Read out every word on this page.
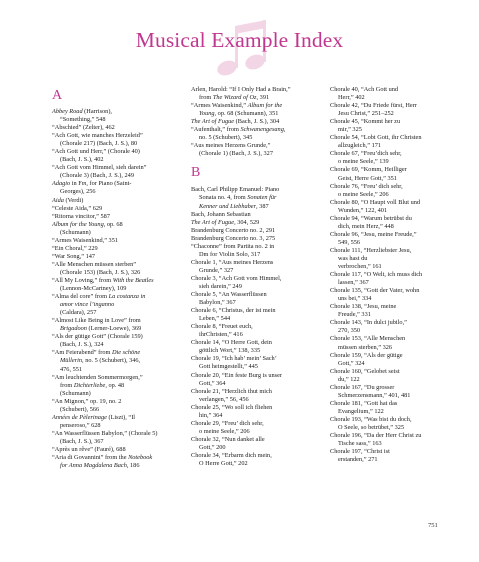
Musical Example Index
A
Abbey Road (Harrison),
“Something,” 548
“Abschied” (Zelter), 462
“Ach Gott, wie manches Herzeleid”
(Chorale 217) (Bach, J. S.), 80
“Ach Gott und Herr,” (Chorale 40)
(Bach, J. S.), 402
“Ach Gott vom Himmel, sieh darein”
(Chorale 3) (Bach, J. S.), 249
Adagio in Fm, for Piano (Saint-
Georges), 256
Aida (Verdi)
“Celeste Aida,” 629
“Ritorna vincitor,” 587
Album for the Young, op. 68
(Schumann)
“Armes Waisenkind,” 351
“Ein Choral,” 229
“War Song,” 147
“Alle Menschen müssen sterben”
(Chorale 153) (Bach, J. S.), 326
“All My Loving,” from With the Beatles
(Lennon-McCartney), 109
“Alma del core” from La costanza in
amor vince l’inganno
(Caldara), 257
“Almost Like Being in Love” from
Brigadoon (Lerner-Loewe), 369
“Als der gütige Gott” (Chorale 159)
(Bach, J. S.), 324
“Am Feierabend” from Die schöne
Müllerin, no. 5 (Schubert), 346,
476, 551
“Am leuchtenden Sommermorgen,”
from Dichterliebe, op. 48
(Schumann)
“An Mignon,” op. 19, no. 2
(Schubert), 566
Années de Pèlerinage (Liszt), “Il
penseroso,” 628
“An Wasserflüssen Babylon,” (Chorale 5)
(Bach, J. S.), 367
“Après un rêve” (Fauré), 688
“Aria di Govannini” from the Notebook
for Anna Magdalena Bach, 186
Arlen, Harold: “If I Only Had a Brain,”
from The Wizard of Oz, 391
“Armes Waisenkind,” Album for the
Young, op. 68 (Schumann), 351
The Art of Fugue (Bach, J. S.), 304
“Aufenthalt,” from Schwanengesang,
no. 5 (Schubert), 345
“Aus meines Herzens Grunde,”
(Chorale 1) (Bach, J. S.), 327
B
Bach, Carl Philipp Emanuel: Piano
Sonata no. 4, from Sonaten für
Kenner und Liebhaber, 387
Bach, Johann Sebastian
The Art of Fugue, 304, 529
Brandenburg Concerto no. 2, 291
Brandenburg Concerto no. 3, 275
“Chaconne” from Partita no. 2 in
Dm for Violin Solo, 317
Chorale 1, “Aus meines Herzens
Grunde,” 327
Chorale 3, “Ach Gott vom Himmel,
sieh darein,” 249
Chorale 5, “An Wasserflüssen
Babylon,” 367
Chorale 6, “Christus, der ist mein
Leben,” 544
Chorale 8, “Freuet euch,
ihrChristen,” 416
Chorale 14, “O Herre Gott, dein
göttlich Wort,” 138, 335
Chorale 19, “Ich hab’ mein’ Sach’
Gott heimgestellt,” 445
Chorale 20, “Ein feste Burg is unser
Gott,” 364
Chorale 21, “Herzlich thut mich
verlangen,” 56, 456
Chorale 25, “Wo soll ich fliehen
hin,” 364
Chorale 29, “Freu’ dich sehr,
o meine Seele,” 206
Chorale 32, “Nun danket alle
Gott,” 200
Chorale 34, “Erbarm dich mein,
O Herre Gott,” 202
Chorale 40, “Ach Gott und
Herr,” 402
Chorale 42, “Du Friede fürst, Herr
Jesu Christ,” 251–252
Chorale 45, “Kommt her zu
mir,” 325
Chorale 54, “Lobt Gott, ihr Christen
allzugleich,” 171
Chorale 67, “Freu’dich sehr,
o meine Seele,” 139
Chorale 69, “Komm, Heilliger
Geist, Herre Gott,” 351
Chorale 76, “Freu’ dich sehr,
o meine Seele,” 206
Chorale 80, “O Haupt voll Blut und
Wunden,” 122, 401
Chorale 94, “Warum betrübst du
dich, mein Herz,” 448
Chorale 96, “Jesu, meine Freude,”
549, 556
Chorale 111, “Herzliebster Jesu,
was hast du
verbrochen,” 161
Chorale 117, “O Welt, ich muss dich
lassen,” 367
Chorale 135, “Gott der Vater, wohn
uns bei,” 334
Chorale 138, “Jesu, meine
Freude,” 331
Chorale 143, “In dulci jubilo,”
270, 350
Chorale 153, “Alle Menschen
müssen sterben,” 326
Chorale 159, “Als der gütige
Gott,” 324
Chorale 160, “Gelobet seist
du,” 122
Chorale 167, “Du grosser
Schmerzensmann,” 401, 481
Chorale 181, “Gott hat das
Evangelium,” 122
Chorale 193, “Was bist du doch,
O Seele, so betrübet,” 325
Chorale 196, “Da der Herr Christ zu
Tische sass,” 163
Chorale 197, “Christ ist
erstanden,” 271
751
